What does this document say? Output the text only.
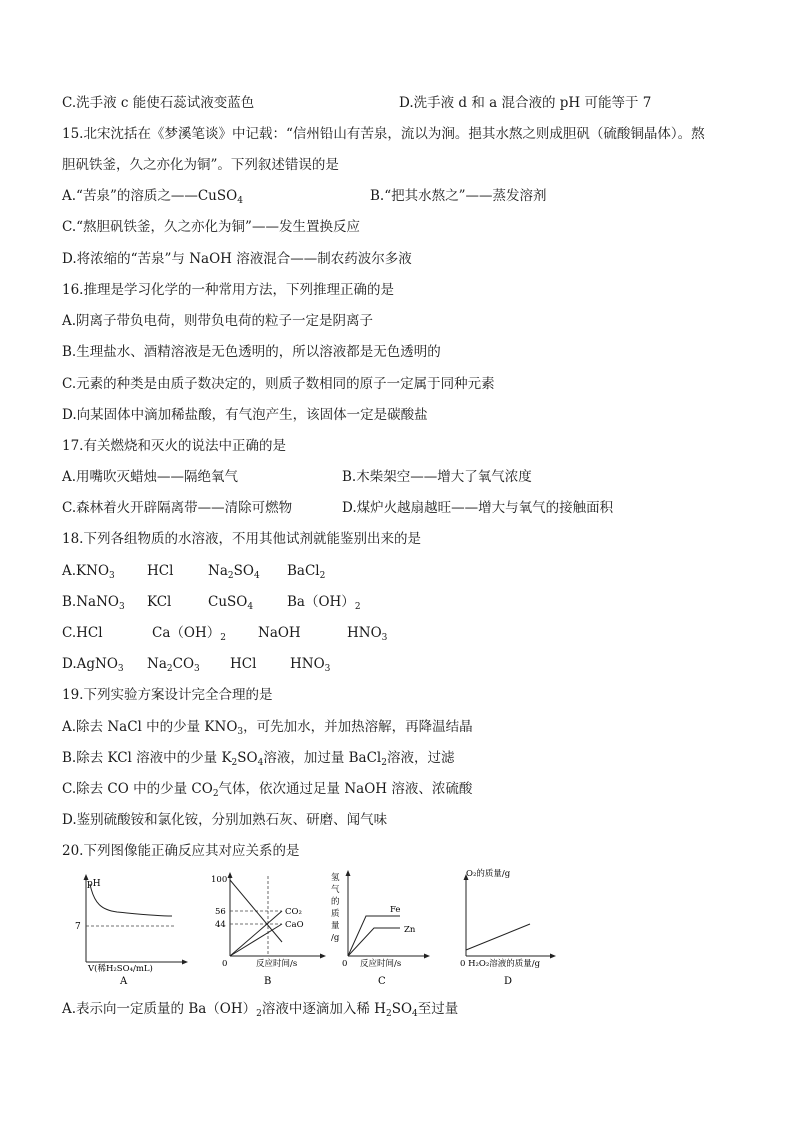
C.洗手液 c 能使石蕊试液变蓝色	D.洗手液 d 和 a 混合液的 pH 可能等于 7
15.北宋沈括在《梦溪笔谈》中记载：“信州铅山有苦泉，流以为涧。挹其水熬之则成胆矾（硫酸铜晶体）。熬
胆矾铁釜，久之亦化为铜”。下列叙述错误的是
A.“苦泉”的溶质之——CuSO$_4$	B.“把其水熬之”——蒸发溶剂
C.“熬胆矾铁釜，久之亦化为铜”——发生置换反应
D.将浓缩的“苦泉”与 NaOH 溶液混合——制农药波尔多液
16.推理是学习化学的一种常用方法，下列推理正确的是
A.阴离子带负电荷，则带负电荷的粒子一定是阴离子
B.生理盐水、酒精溶液是无色透明的，所以溶液都是无色透明的
C.元素的种类是由质子数决定的，则质子数相同的原子一定属于同种元素
D.向某固体中滴加稀盐酸，有气泡产生，该固体一定是碳酸盐
17.有关燃烧和灭火的说法中正确的是
A.用嘴吹灭蜡烛——隔绝氧气	B.木柴架空——增大了氧气浓度
C.森林着火开辟隔离带——清除可燃物	D.煤炉火越扇越旺——增大与氧气的接触面积
18.下列各组物质的水溶液，不用其他试剂就能鉴别出来的是
$A.KNO_3$ HCl	$Na_2SO_4$ BaCl$_2$
B.NaNO$_3$ KCl	CuSO$_4$	$Ba(OH)_2$
C.HCl	$Ca(OH)_2$ NaOH	$HNO_3$
D.AgNO$_3$ $Na_2CO_3$ HCl $HNO_3$
19.下列实验方案设计完全合理的是
A.除去 NaCl 中的少量 $KNO_3$，可先加水，并加热溶解，再降温结晶
B.除去 KCl 溶液中的少量 $K_2SO_4$溶液，加过量 BaCl$_2$溶液，过滤
C.除去 CO 中的少量 $CO_2$气体，依次通过足量 NaOH 溶液、浓硫酸
D.鉴别硫酸铵和氯化铵，分别加熟石灰、研磨、闻气味
20.下列图像能正确反应其对应关系的是
pH
7
V(稀H₂SO₄/mL)
A
100
56
44
CO₂
CaO
0	反应时间/s
B
氢
气
的
质
量
/g
Fe
Zn
0 反应时间/s
C
O₂的质量/g
0 H₂O₂溶液的质量/g
D
A.表示向一定质量的 $Ba(OH)_2$溶液中逐滴加入稀 $H_2SO_4$至过量
